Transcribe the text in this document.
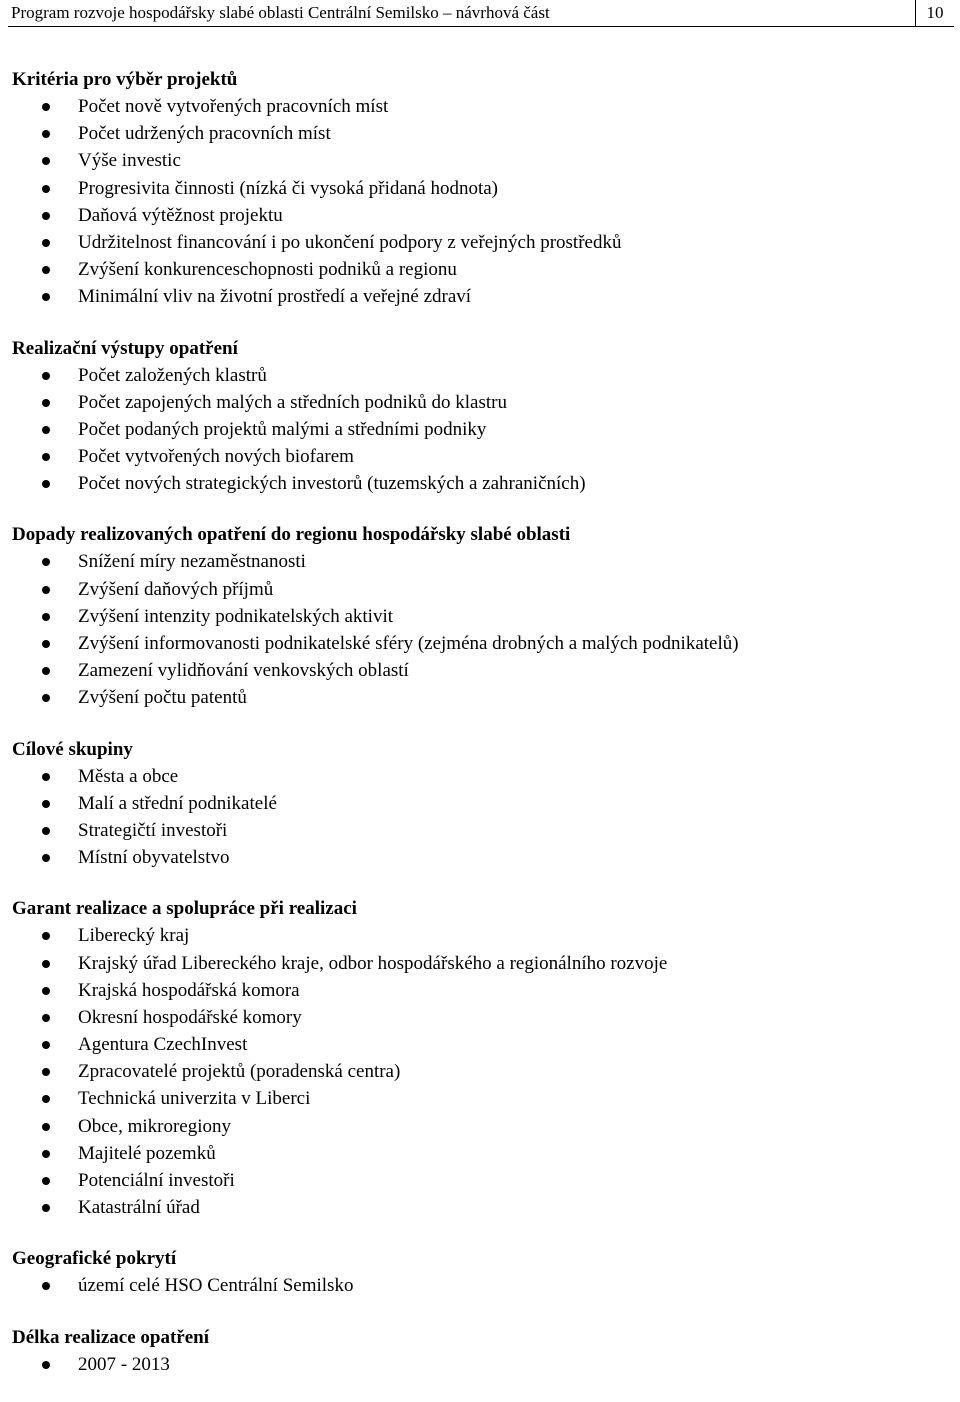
Program rozvoje hospodářsky slabé oblasti Centrální Semilsko – návrhová část	10
Kritéria pro výběr projektů
Počet nově vytvořených pracovních míst
Počet udržených pracovních míst
Výše investic
Progresivita činnosti (nízká či vysoká přidaná hodnota)
Daňová výtěžnost projektu
Udržitelnost financování i po ukončení podpory z veřejných prostředků
Zvýšení konkurenceschopnosti podniků a regionu
Minimální vliv na životní prostředí a veřejné zdraví
Realizační výstupy opatření
Počet založených klastrů
Počet zapojených malých a středních podniků do klastru
Počet podaných projektů malými a středními podniky
Počet vytvořených nových biofarem
Počet nových strategických investorů (tuzemských a zahraničních)
Dopady realizovaných opatření do regionu hospodářsky slabé oblasti
Snížení míry nezaměstnanosti
Zvýšení daňových příjmů
Zvýšení intenzity podnikatelských aktivit
Zvýšení informovanosti podnikatelské sféry (zejména drobných a malých podnikatelů)
Zamezení vylidňování venkovských oblastí
Zvýšení počtu patentů
Cílové skupiny
Města a obce
Malí a střední podnikatelé
Strategičtí investoři
Místní obyvatelstvo
Garant realizace a spolupráce při realizaci
Liberecký kraj
Krajský úřad Libereckého kraje, odbor hospodářského a regionálního rozvoje
Krajská hospodářská komora
Okresní hospodářské komory
Agentura CzechInvest
Zpracovatelé projektů (poradenská centra)
Technická univerzita v Liberci
Obce, mikroregiony
Majitelé pozemků
Potenciální investoři
Katastrální úřad
Geografické pokrytí
území celé HSO Centrální Semilsko
Délka realizace opatření
2007 - 2013
